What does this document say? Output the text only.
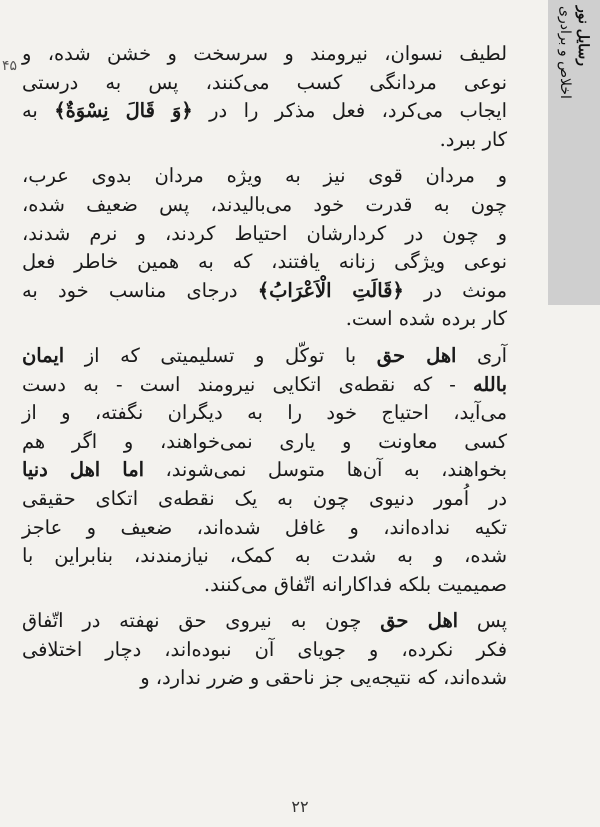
۴۵	رسایل نور
اخلاص و برادری
لطیف نسوان، نیرومند و سرسخت و خشن شده، و
نوعی مردانگی کسب می‌کنند، پس به درستی
ایجاب می‌کرد، فعل مذکر را در ﴿وَ قَالَ نِسْوَةٌ﴾ به
کار ببرد.
و مردان قوی نیز به ویژه مردان بدوی عرب،
چون به قدرت خود می‌بالیدند، پس ضعیف شده،
و چون در کردارشان احتیاط کردند، و نرم شدند،
نوعی ویژگی زنانه یافتند، که به همین خاطر فعل
مونث در ﴿قَالَتِ الْاَعْرَابُ﴾ درجای مناسب خود به
کار برده شده است.
آری اهل حق با توکّل و تسلیمیتی که از ایمان
بالله - که نقطه‌ی اتکایی نیرومند است - به دست
می‌آید، احتیاج خود را به دیگران نگفته، و از
کسی معاونت و یاری نمی‌خواهند، و اگر هم
بخواهند، به آن‌ها متوسل نمی‌شوند، اما اهل دنیا
در اُمور دنیوی چون به یک نقطه‌ی اتکای حقیقی
تکیه نداده‌اند، و غافل شده‌اند، ضعیف و عاجز
شده، و به شدت به کمک، نیازمندند، بنابراین با
صمیمیت بلکه فداکارانه اتّفاق می‌کنند.
پس اهل حق چون به نیروی حق نهفته در اتّفاق
فکر نکرده، و جویای آن نبوده‌اند، دچار اختلافی
شده‌اند، که نتیجه‌یی جز ناحقی و ضرر ندارد، و
۲۲
